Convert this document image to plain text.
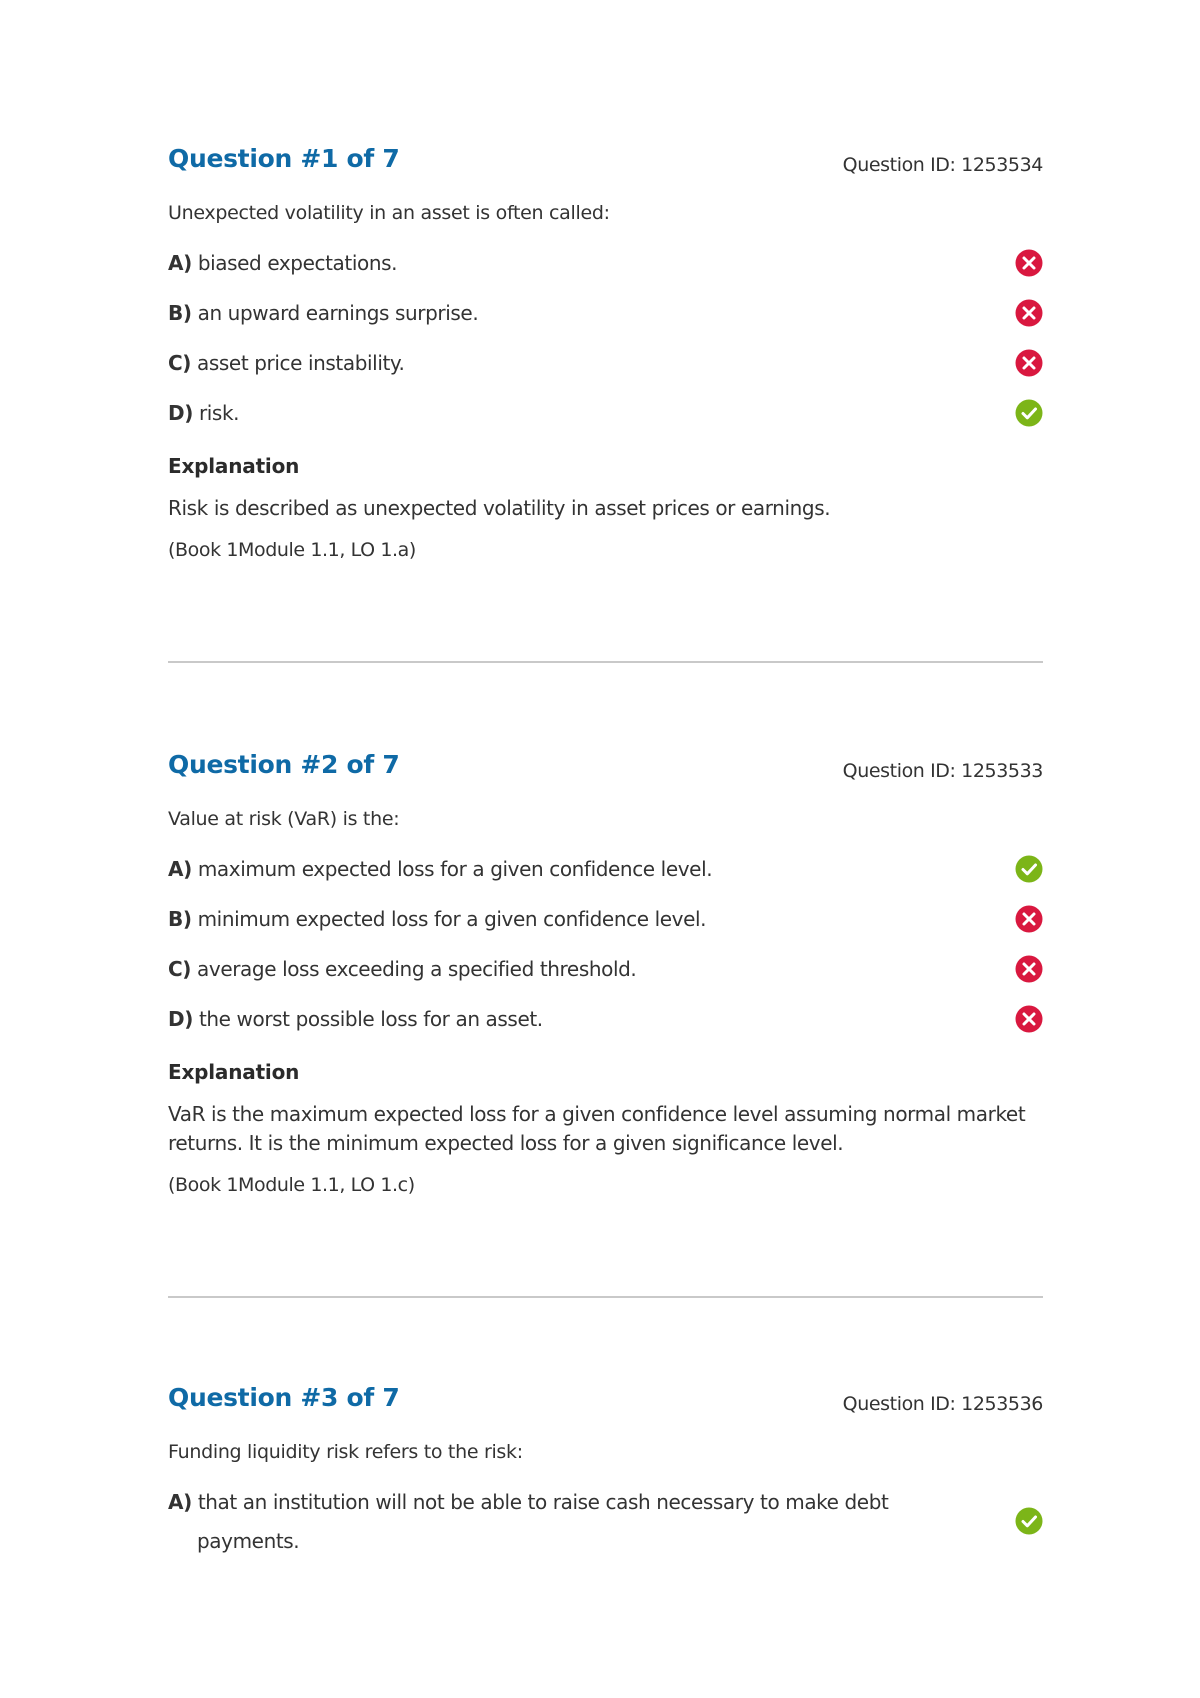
Question #1 of 7	Question ID: 1253534
Unexpected volatility in an asset is often called:
A) biased expectations.
B) an upward earnings surprise.
C) asset price instability.
D) risk.
Explanation
Risk is described as unexpected volatility in asset prices or earnings.
(Book 1Module 1.1, LO 1.a)
Question #2 of 7	Question ID: 1253533
Value at risk (VaR) is the:
A) maximum expected loss for a given confidence level.
B) minimum expected loss for a given confidence level.
C) average loss exceeding a specified threshold.
D) the worst possible loss for an asset.
Explanation
VaR is the maximum expected loss for a given confidence level assuming normal market returns. It is the minimum expected loss for a given significance level.
(Book 1Module 1.1, LO 1.c)
Question #3 of 7	Question ID: 1253536
Funding liquidity risk refers to the risk:
A) that an institution will not be able to raise cash necessary to make debt payments.
